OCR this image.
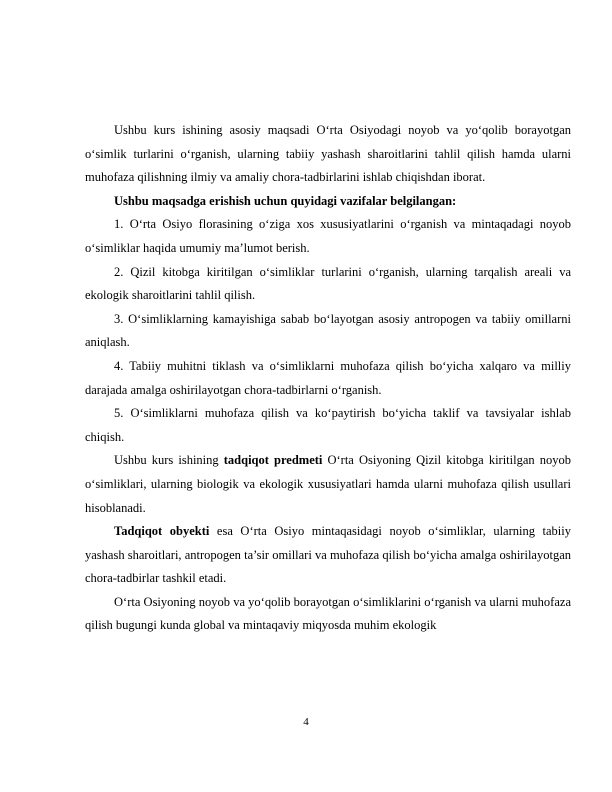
Ushbu kurs ishining asosiy maqsadi O‘rta Osiyodagi noyob va yo‘qolib borayotgan o‘simlik turlarini o‘rganish, ularning tabiiy yashash sharoitlarini tahlil qilish hamda ularni muhofaza qilishning ilmiy va amaliy chora-tadbirlarini ishlab chiqishdan iborat.

Ushbu maqsadga erishish uchun quyidagi vazifalar belgilangan:

1. O‘rta Osiyo florasining o‘ziga xos xususiyatlarini o‘rganish va mintaqadagi noyob o‘simliklar haqida umumiy ma’lumot berish.

2. Qizil kitobga kiritilgan o‘simliklar turlarini o‘rganish, ularning tarqalish areali va ekologik sharoitlarini tahlil qilish.

3. O‘simliklarning kamayishiga sabab bo‘layotgan asosiy antropogen va tabiiy omillarni aniqlash.

4. Tabiiy muhitni tiklash va o‘simliklarni muhofaza qilish bo‘yicha xalqaro va milliy darajada amalga oshirilayotgan chora-tadbirlarni o‘rganish.

5. O‘simliklarni muhofaza qilish va ko‘paytirish bo‘yicha taklif va tavsiyalar ishlab chiqish.

Ushbu kurs ishining tadqiqot predmeti O‘rta Osiyoning Qizil kitobga kiritilgan noyob o‘simliklari, ularning biologik va ekologik xususiyatlari hamda ularni muhofaza qilish usullari hisoblanadi.

Tadqiqot obyekti esa O‘rta Osiyo mintaqasidagi noyob o‘simliklar, ularning tabiiy yashash sharoitlari, antropogen ta’sir omillari va muhofaza qilish bo‘yicha amalga oshirilayotgan chora-tadbirlar tashkil etadi.

O‘rta Osiyoning noyob va yo‘qolib borayotgan o‘simliklarini o‘rganish va ularni muhofaza qilish bugungi kunda global va mintaqaviy miqyosda muhim ekologik

4
